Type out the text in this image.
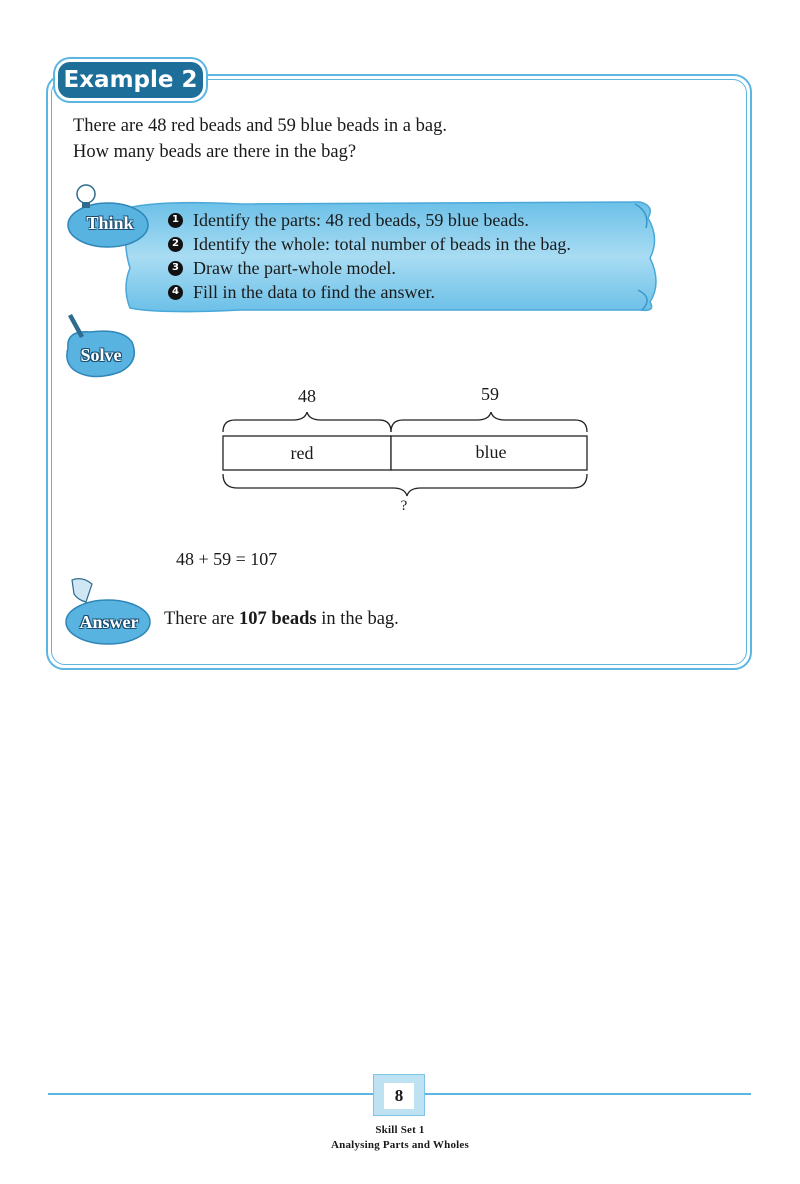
Example 2
There are 48 red beads and 59 blue beads in a bag.
How many beads are there in the bag?
Think	1 Identify the parts: 48 red beads, 59 blue beads.
2 Identify the whole: total number of beads in the bag.
3 Draw the part-whole model.
4 Fill in the data to find the answer.
Solve
48	59
red	blue
?
48 + 59 = 107
Answer	There are 107 beads in the bag.
8
Skill Set 1
Analysing Parts and Wholes
